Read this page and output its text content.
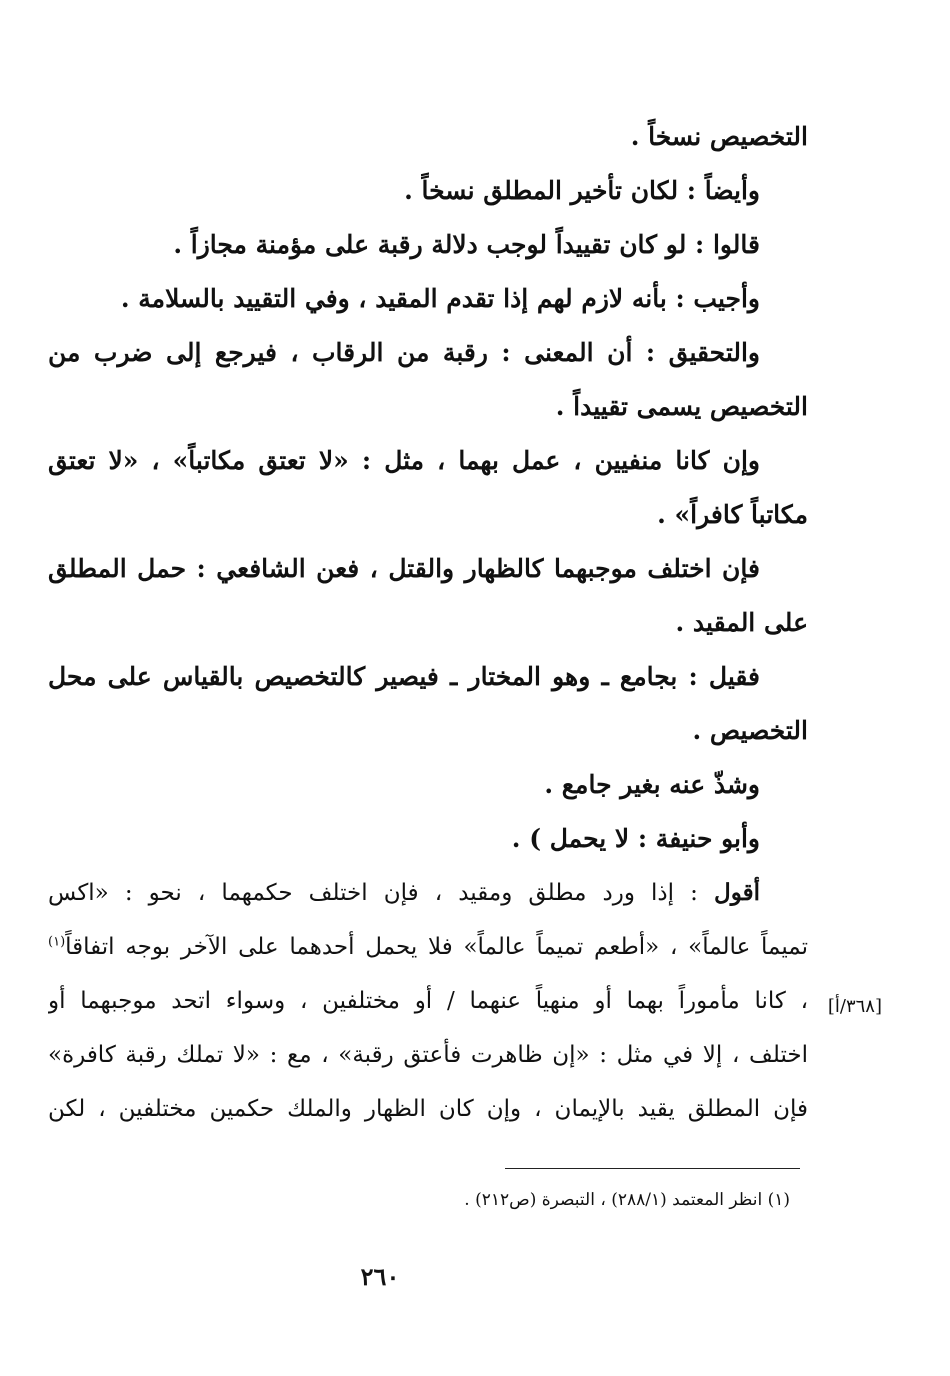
التخصيص نسخاً .
وأيضاً : لكان تأخير المطلق نسخاً .
قالوا : لو كان تقييداً لوجب دلالة رقبة على مؤمنة مجازاً .
وأجيب : بأنه لازم لهم إذا تقدم المقيد ، وفي التقييد بالسلامة .
والتحقيق : أن المعنى : رقبة من الرقاب ، فيرجع إلى ضرب من
التخصيص يسمى تقييداً .
وإن كانا منفيين ، عمل بهما ، مثل : «لا تعتق مكاتباً» ، «لا تعتق
مكاتباً كافراً» .
فإن اختلف موجبهما كالظهار والقتل ، فعن الشافعي : حمل المطلق
على المقيد .
فقيل : بجامع ـ وهو المختار ـ فيصير كالتخصيص بالقياس على محل
التخصيص .
وشذّ عنه بغير جامع .
وأبو حنيفة : لا يحمل ) .
أقول : إذا ورد مطلق ومقيد ، فإن اختلف حكمهما ، نحو : «اكس
تميماً عالماً» ، «أطعم تميماً عالماً» فلا يحمل أحدهما على الآخر بوجه اتفاقاً$^{(١)}$
، كانا مأموراً بهما أو منهياً عنهما / أو مختلفين ، وسواء اتحد موجبهما أو
اختلف ، إلا في مثل : «إن ظاهرت فأعتق رقبة» ، مع : «لا تملك رقبة كافرة»
فإن المطلق يقيد بالإيمان ، وإن كان الظهار والملك حكمين مختلفين ، لكن
[٣٦٨/أ]
(١) انظر المعتمد (٢٨٨/١) ، التبصرة (ص٢١٢) .
٢٦٠
